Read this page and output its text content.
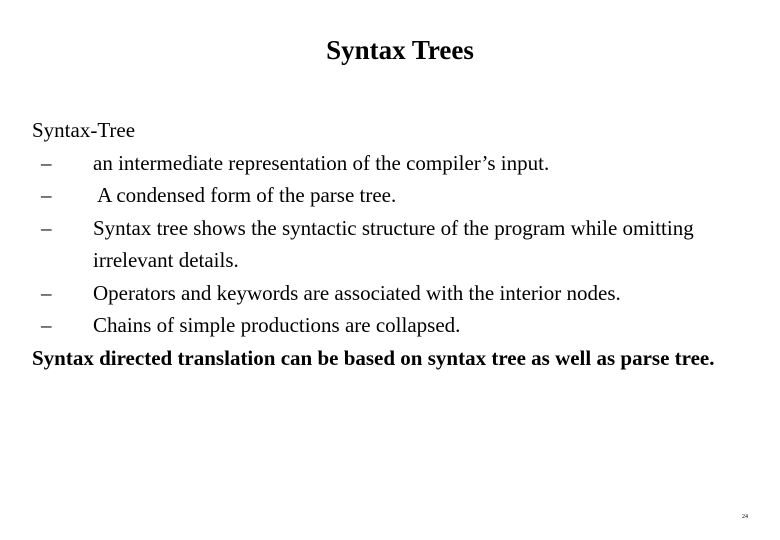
Syntax Trees
Syntax-Tree
– an intermediate representation of the compiler’s input.
– A condensed form of the parse tree.
– Syntax tree shows the syntactic structure of the program while omitting irrelevant details.
– Operators and keywords are associated with the interior nodes.
– Chains of simple productions are collapsed.
Syntax directed translation can be based on syntax tree as well as parse tree.
24
